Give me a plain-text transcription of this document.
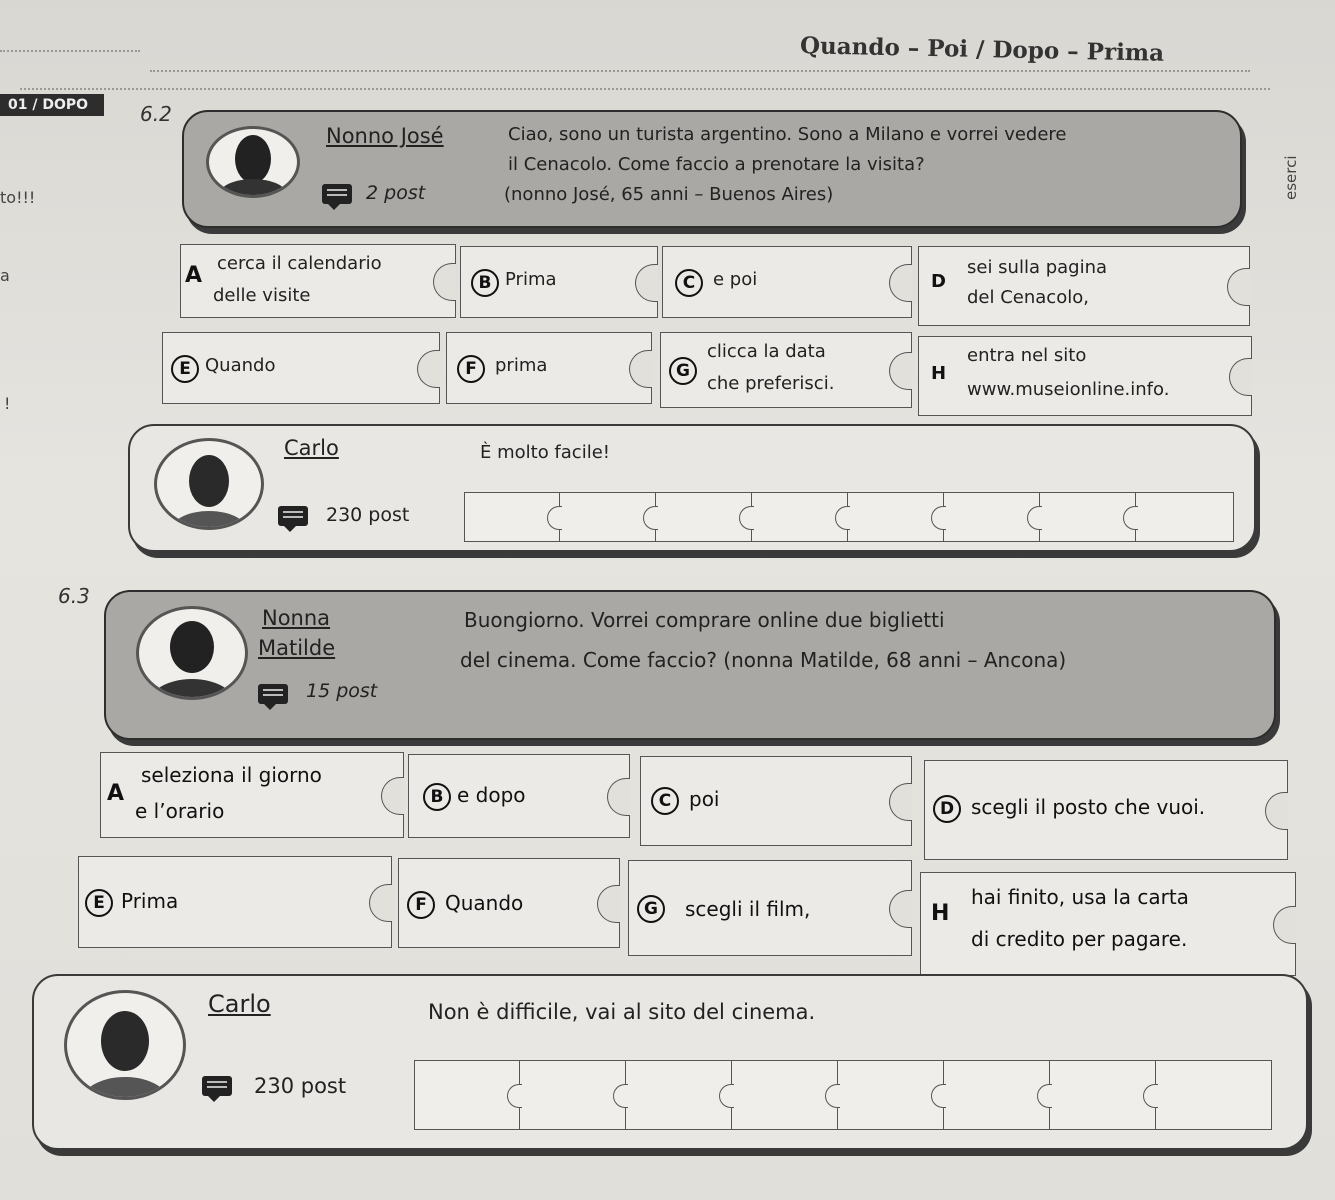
Quando – Poi / Dopo – Prima
01 / DOPO
to!!!
a
!
eserci
6.2
Nonno José	Ciao, sono un turista argentino. Sono a Milano e vorrei vedere
il Cenacolo. Come faccio a prenotare la visita?
(nonno José, 65 anni – Buenos Aires)
2 post
A cerca il calendario
delle visite
B Prima	C e poi	D
sei sulla pagina
del Cenacolo,
E Quando	F	prima	G
clicca la data
che preferisci.	H
entra nel sito
www.museionline.info.
Carlo	È molto facile!
230 post
6.3
Nonna
Matilde
Buongiorno. Vorrei comprare online due biglietti
del cinema. Come faccio? (nonna Matilde, 68 anni – Ancona)
15 post
A
seleziona il giorno
e l’orario
B e dopo	C poi	D scegli il posto che vuoi.
E Prima	F Quando	G	scegli il film,	H
hai finito, usa la carta
di credito per pagare.
Carlo	Non è difficile, vai al sito del cinema.
230 post
